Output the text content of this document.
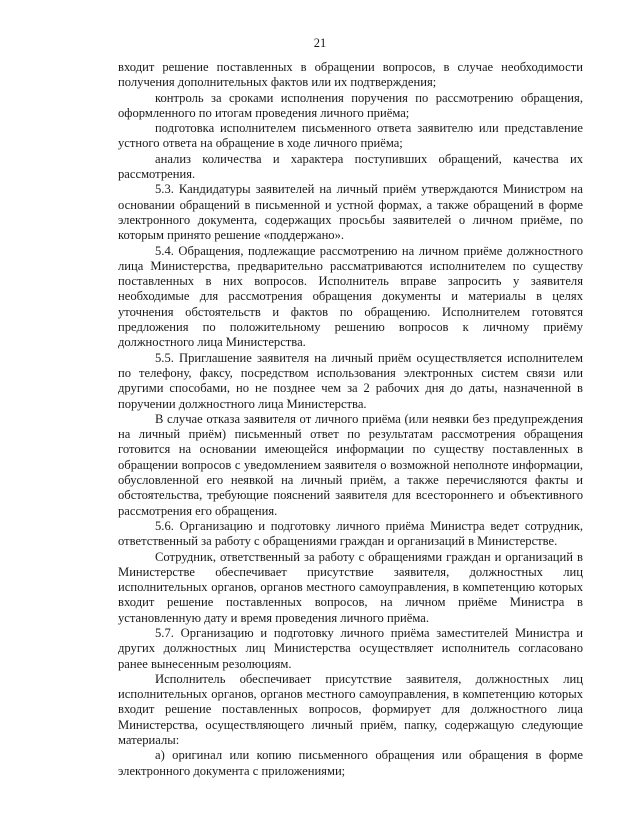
21

входит решение поставленных в обращении вопросов, в случае необходимости получения дополнительных фактов или их подтверждения;

контроль за сроками исполнения поручения по рассмотрению обращения, оформленного по итогам проведения личного приёма;

подготовка исполнителем письменного ответа заявителю или представление устного ответа на обращение в ходе личного приёма;

анализ количества и характера поступивших обращений, качества их рассмотрения.

5.3. Кандидатуры заявителей на личный приём утверждаются Министром на основании обращений в письменной и устной формах, а также обращений в форме электронного документа, содержащих просьбы заявителей о личном приёме, по которым принято решение «поддержано».

5.4. Обращения, подлежащие рассмотрению на личном приёме должностного лица Министерства, предварительно рассматриваются исполнителем по существу поставленных в них вопросов. Исполнитель вправе запросить у заявителя необходимые для рассмотрения обращения документы и материалы в целях уточнения обстоятельств и фактов по обращению. Исполнителем готовятся предложения по положительному решению вопросов к личному приёму должностного лица Министерства.

5.5. Приглашение заявителя на личный приём осуществляется исполнителем по телефону, факсу, посредством использования электронных систем связи или другими способами, но не позднее чем за 2 рабочих дня до даты, назначенной в поручении должностного лица Министерства.

В случае отказа заявителя от личного приёма (или неявки без предупреждения на личный приём) письменный ответ по результатам рассмотрения обращения готовится на основании имеющейся информации по существу поставленных в обращении вопросов с уведомлением заявителя о возможной неполноте информации, обусловленной его неявкой на личный приём, а также перечисляются факты и обстоятельства, требующие пояснений заявителя для всестороннего и объективного рассмотрения его обращения.

5.6. Организацию и подготовку личного приёма Министра ведет сотрудник, ответственный за работу с обращениями граждан и организаций в Министерстве.

Сотрудник, ответственный за работу с обращениями граждан и организаций в Министерстве обеспечивает присутствие заявителя, должностных лиц исполнительных органов, органов местного самоуправления, в компетенцию которых входит решение поставленных вопросов, на личном приёме Министра в установленную дату и время проведения личного приёма.

5.7. Организацию и подготовку личного приёма заместителей Министра и других должностных лиц Министерства осуществляет исполнитель согласовано ранее вынесенным резолюциям.

Исполнитель обеспечивает присутствие заявителя, должностных лиц исполнительных органов, органов местного самоуправления, в компетенцию которых входит решение поставленных вопросов, формирует для должностного лица Министерства, осуществляющего личный приём, папку, содержащую следующие материалы:

а) оригинал или копию письменного обращения или обращения в форме электронного документа с приложениями;
